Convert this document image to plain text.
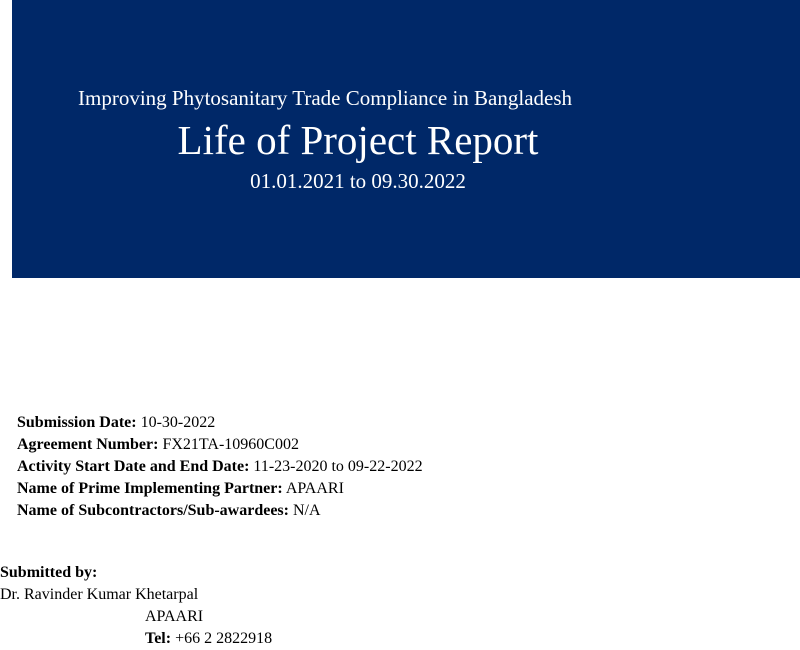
Improving Phytosanitary Trade Compliance in Bangladesh
Life of Project Report
01.01.2021 to 09.30.2022
Submission Date: 10-30-2022
Agreement Number: FX21TA-10960C002
Activity Start Date and End Date: 11-23-2020 to 09-22-2022
Name of Prime Implementing Partner: APAARI
Name of Subcontractors/Sub-awardees: N/A
Submitted by:
Dr. Ravinder Kumar Khetarpal
APAARI
Tel: +66 2 2822918
